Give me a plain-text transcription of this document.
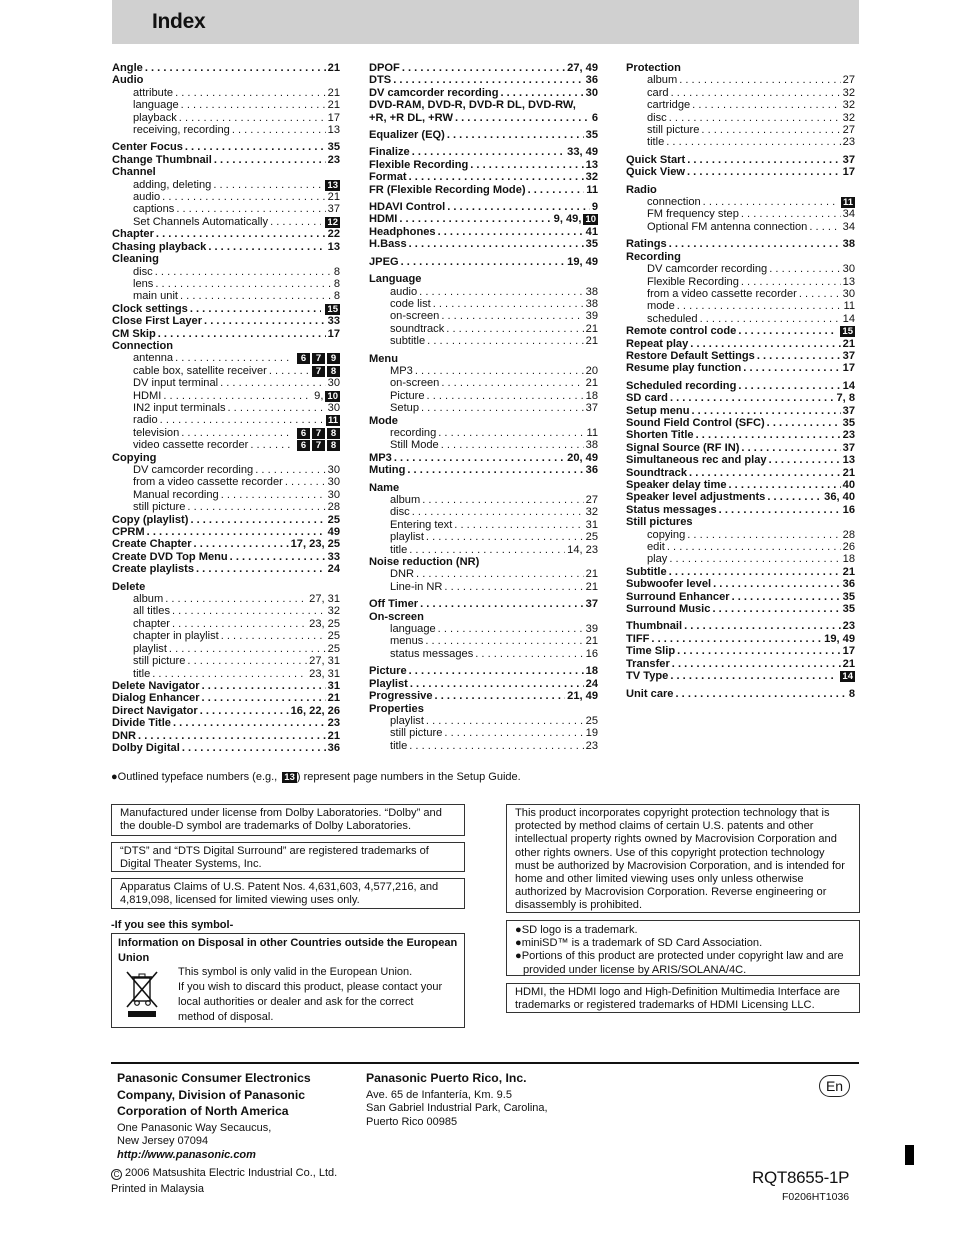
Index
Angle . . .	21
Audio
attribute . . .	21
language . . .	21
playback . . .	17
receiving, recording . . .	13
Center Focus . . .	35
Change Thumbnail . . .	23
Channel
adding, deleting . . .	13
audio . . .	21
captions . . .	37
Set Channels Automatically . . .	12
Chapter . . .	22
Chasing playback . . .	13
Cleaning
disc . . .	8
lens . . .	8
main unit . . .	8
Clock settings . . .	15
Close First Layer . . .	33
CM Skip . . .	17
Connection
antenna . . .	6 7 9
cable box, satellite receiver . . .	7 8
DV input terminal . . .	30
HDMI . . .	9, 10
IN2 input terminals . . .	30
radio . . .	11
television . . .	6 7 8
video cassette recorder . . .	6 7 8
Copying
DV camcorder recording . . .	30
from a video cassette recorder . . .	30
Manual recording . . .	30
still picture . . .	28
Copy (playlist) . . .	25
CPRM . . .	49
Create Chapter . . .	17, 23, 25
Create DVD Top Menu . . .	33
Create playlists . . .	24
Delete
album . . .	27, 31
all titles . . .	32
chapter . . .	23, 25
chapter in playlist . . .	25
playlist . . .	25
still picture . . .	27, 31
title . . .	23, 31
Delete Navigator . . .	31
Dialog Enhancer . . .	21
Direct Navigator . . .	16, 22, 26
Divide Title . . .	23
DNR . . .	21
Dolby Digital . . .	36
DPOF . . .	27, 49
DTS . . .	36
DV camcorder recording . . .	30
DVD-RAM, DVD-R, DVD-R DL, DVD-RW,
+R, +R DL, +RW . . .	6
Equalizer (EQ) . . .	35
Finalize . . .	33, 49
Flexible Recording . . .	13
Format . . .	32
FR (Flexible Recording Mode) . . .	11
HDAVI Control . . .	9
HDMI . . .	9, 49, 10
Headphones . . .	41
H.Bass . . .	35
JPEG . . .	19, 49
Language
audio . . .	38
code list . . .	38
on-screen . . .	39
soundtrack . . .	21
subtitle . . .	21
Menu
MP3 . . .	20
on-screen . . .	21
Picture . . .	18
Setup . . .	37
Mode
recording . . .	11
Still Mode . . .	38
MP3 . . .	20, 49
Muting . . .	36
Name
album . . .	27
disc . . .	32
Entering text . . .	31
playlist . . .	25
title . . .	14, 23
Noise reduction (NR)
DNR . . .	21
Line-in NR . . .	21
Off Timer . . .	37
On-screen
language . . .	39
menus . . .	21
status messages . . .	16
Picture . . .	18
Playlist . . .	24
Progressive . . .	21, 49
Properties
playlist . . .	25
still picture . . .	19
title . . .	23
Protection
album . . .	27
card . . .	32
cartridge . . .	32
disc . . .	32
still picture . . .	27
title . . .	23
Quick Start . . .	37
Quick View . . .	17
Radio
connection . . .	11
FM frequency step . . .	34
Optional FM antenna connection . . .	34
Ratings . . .	38
Recording
DV camcorder recording . . .	30
Flexible Recording . . .	13
from a video cassette recorder . . .	30
mode . . .	11
scheduled . . .	14
Remote control code . . .	15
Repeat play . . .	21
Restore Default Settings . . .	37
Resume play function . . .	17
Scheduled recording . . .	14
SD card . . .	7, 8
Setup menu . . .	37
Sound Field Control (SFC) . . .	35
Shorten Title . . .	23
Signal Source (RF IN) . . .	37
Simultaneous rec and play . . .	13
Soundtrack . . .	21
Speaker delay time . . .	40
Speaker level adjustments . . .	36, 40
Status messages . . .	16
Still pictures
copying . . .	28
edit . . .	26
play . . .	18
Subtitle . . .	21
Subwoofer level . . .	36
Surround Enhancer . . .	35
Surround Music . . .	35
Thumbnail . . .	23
TIFF . . .	19, 49
Time Slip . . .	17
Transfer . . .	21
TV Type . . .	14
Unit care . . .	8
●Outlined typeface numbers (e.g., 13 ) represent page numbers in the Setup Guide.
Manufactured under license from Dolby Laboratories. “Dolby” and the double-D symbol are trademarks of Dolby Laboratories.
“DTS” and “DTS Digital Surround” are registered trademarks of Digital Theater Systems, Inc.
Apparatus Claims of U.S. Patent Nos. 4,631,603, 4,577,216, and 4,819,098, licensed for limited viewing uses only.
-If you see this symbol-
Information on Disposal in other Countries outside the European Union
This symbol is only valid in the European Union.
If you wish to discard this product, please contact your
local authorities or dealer and ask for the correct
method of disposal.
This product incorporates copyright protection technology that is protected by method claims of certain U.S. patents and other intellectual property rights owned by Macrovision Corporation and other rights owners. Use of this copyright protection technology must be authorized by Macrovision Corporation, and is intended for home and other limited viewing uses only unless otherwise authorized by Macrovision Corporation. Reverse engineering or disassembly is prohibited.
●SD logo is a trademark.
●miniSD™ is a trademark of SD Card Association.
●Portions of this product are protected under copyright law and are provided under license by ARIS/SOLANA/4C.
HDMI, the HDMI logo and High-Definition Multimedia Interface are trademarks or registered trademarks of HDMI Licensing LLC.
Panasonic Consumer Electronics
Company, Division of Panasonic
Corporation of North America
One Panasonic Way Secaucus,
New Jersey 07094
http://www.panasonic.com
Panasonic Puerto Rico, Inc.
Ave. 65 de Infantería, Km. 9.5
San Gabriel Industrial Park, Carolina,
Puerto Rico 00985
En
C 2006 Matsushita Electric Industrial Co., Ltd.
Printed in Malaysia
RQT8655-1P
F0206HT1036
